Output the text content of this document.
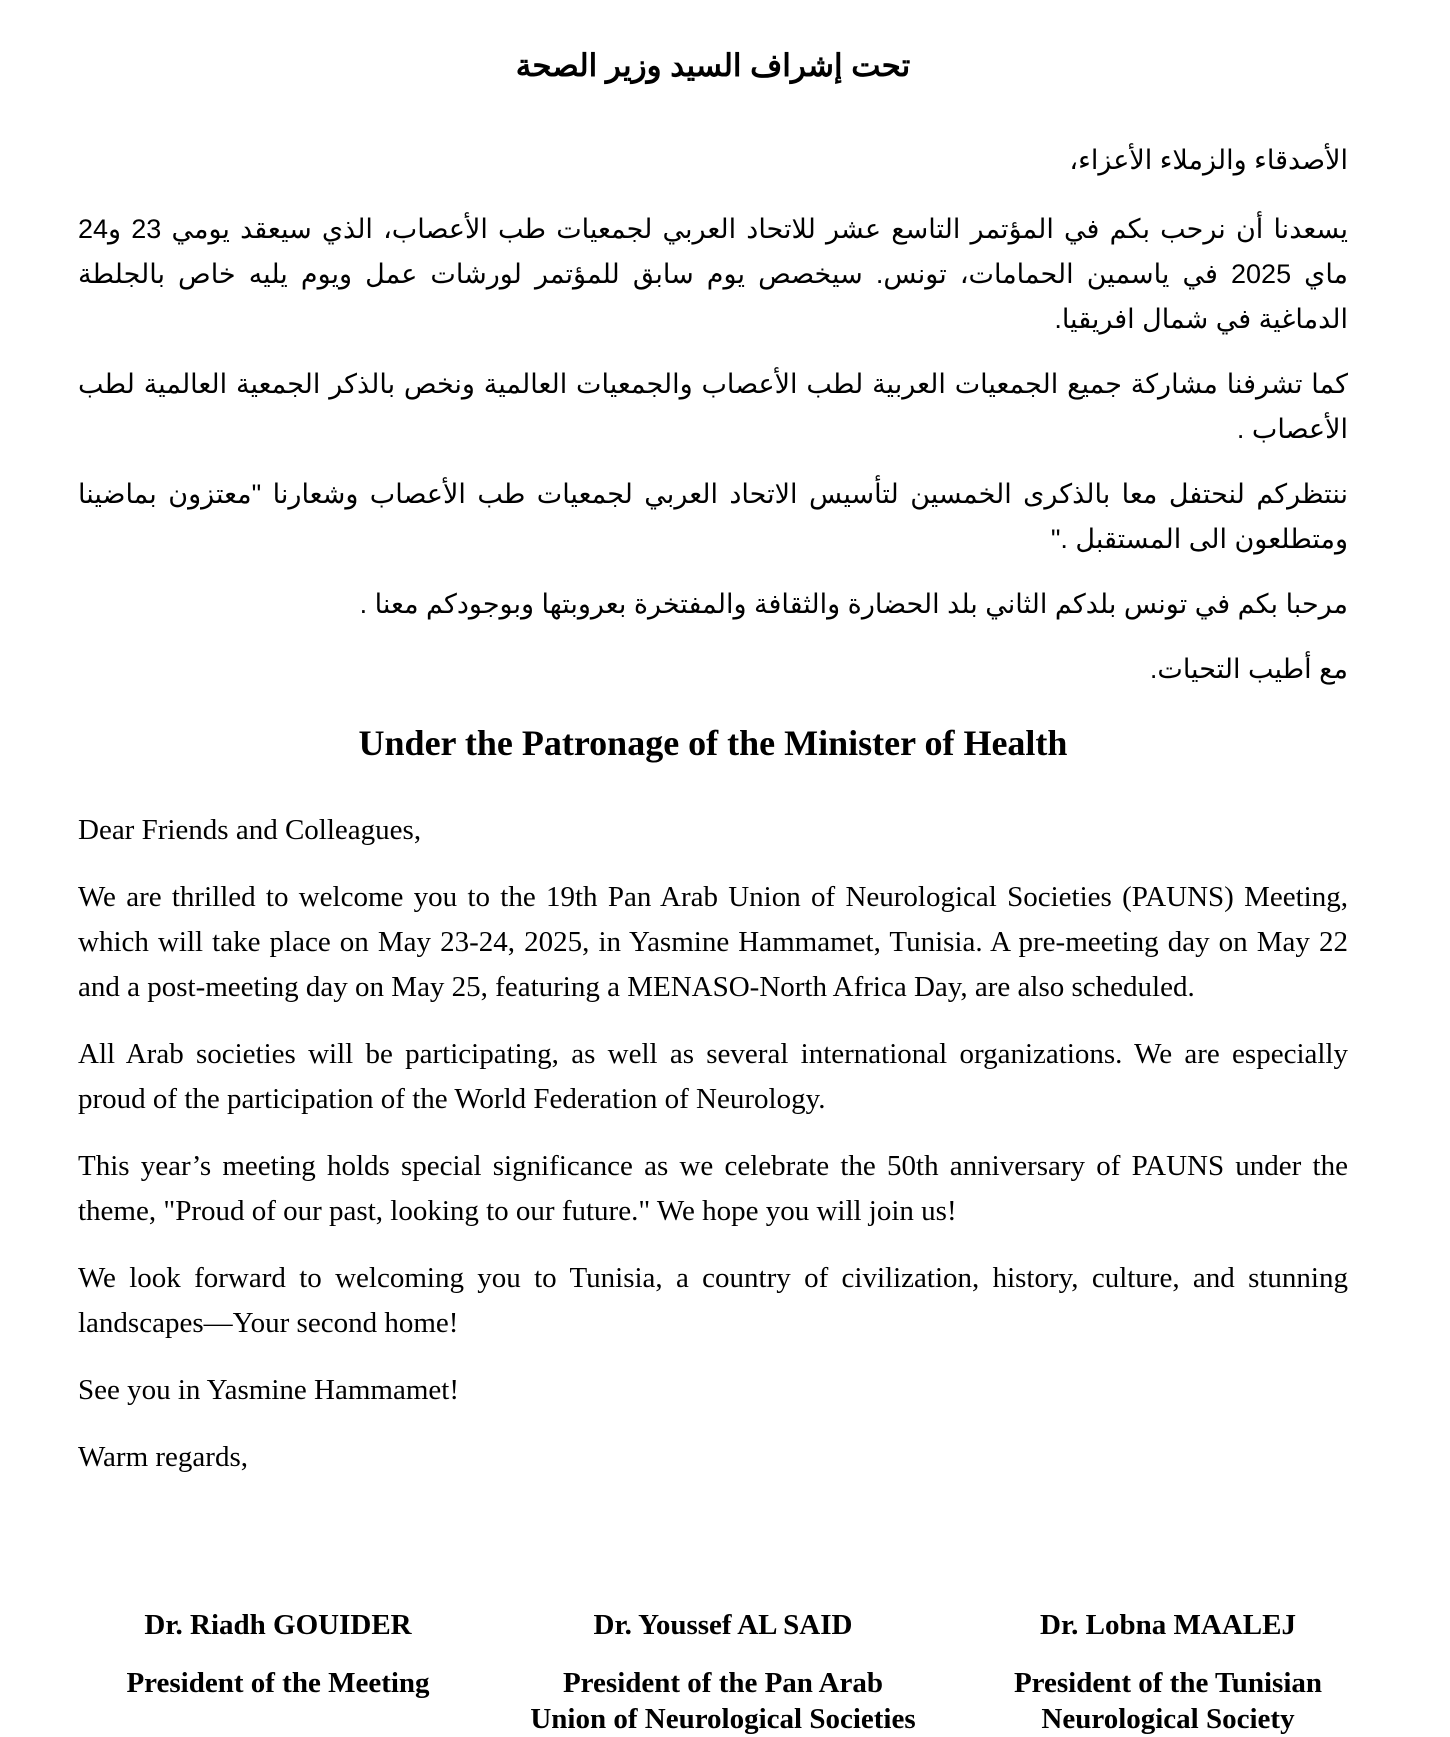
تحت إشراف السيد وزير الصحة

الأصدقاء والزملاء الأعزاء،

يسعدنا أن نرحب بكم في المؤتمر التاسع عشر للاتحاد العربي لجمعيات طب الأعصاب، الذي سيعقد يومي 23 و24 ماي 2025 في ياسمين الحمامات، تونس. سيخصص يوم سابق للمؤتمر لورشات عمل ويوم يليه خاص بالجلطة الدماغية في شمال افريقيا.

كما تشرفنا مشاركة جميع الجمعيات العربية لطب الأعصاب والجمعيات العالمية ونخص بالذكر الجمعية العالمية لطب الأعصاب .

ننتظركم لنحتفل معا بالذكرى الخمسين لتأسيس الاتحاد العربي لجمعيات طب الأعصاب وشعارنا "معتزون بماضينا ومتطلعون الى المستقبل ."

مرحبا بكم في تونس بلدكم الثاني بلد الحضارة والثقافة والمفتخرة بعروبتها وبوجودكم معنا .

مع أطيب التحيات.

Under the Patronage of the Minister of Health

Dear Friends and Colleagues,

We are thrilled to welcome you to the 19th Pan Arab Union of Neurological Societies (PAUNS) Meeting, which will take place on May 23-24, 2025, in Yasmine Hammamet, Tunisia. A pre-meeting day on May 22 and a post-meeting day on May 25, featuring a MENASO-North Africa Day, are also scheduled.

All Arab societies will be participating, as well as several international organizations. We are especially proud of the participation of the World Federation of Neurology.

This year’s meeting holds special significance as we celebrate the 50th anniversary of PAUNS under the theme, "Proud of our past, looking to our future." We hope you will join us!

We look forward to welcoming you to Tunisia, a country of civilization, history, culture, and stunning landscapes—Your second home!

See you in Yasmine Hammamet!

Warm regards,

Dr. Riadh GOUIDER
President of the Meeting
Dr. Youssef AL SAID
President of the Pan Arab
Union of Neurological Societies
Dr. Lobna MAALEJ
President of the Tunisian
Neurological Society
